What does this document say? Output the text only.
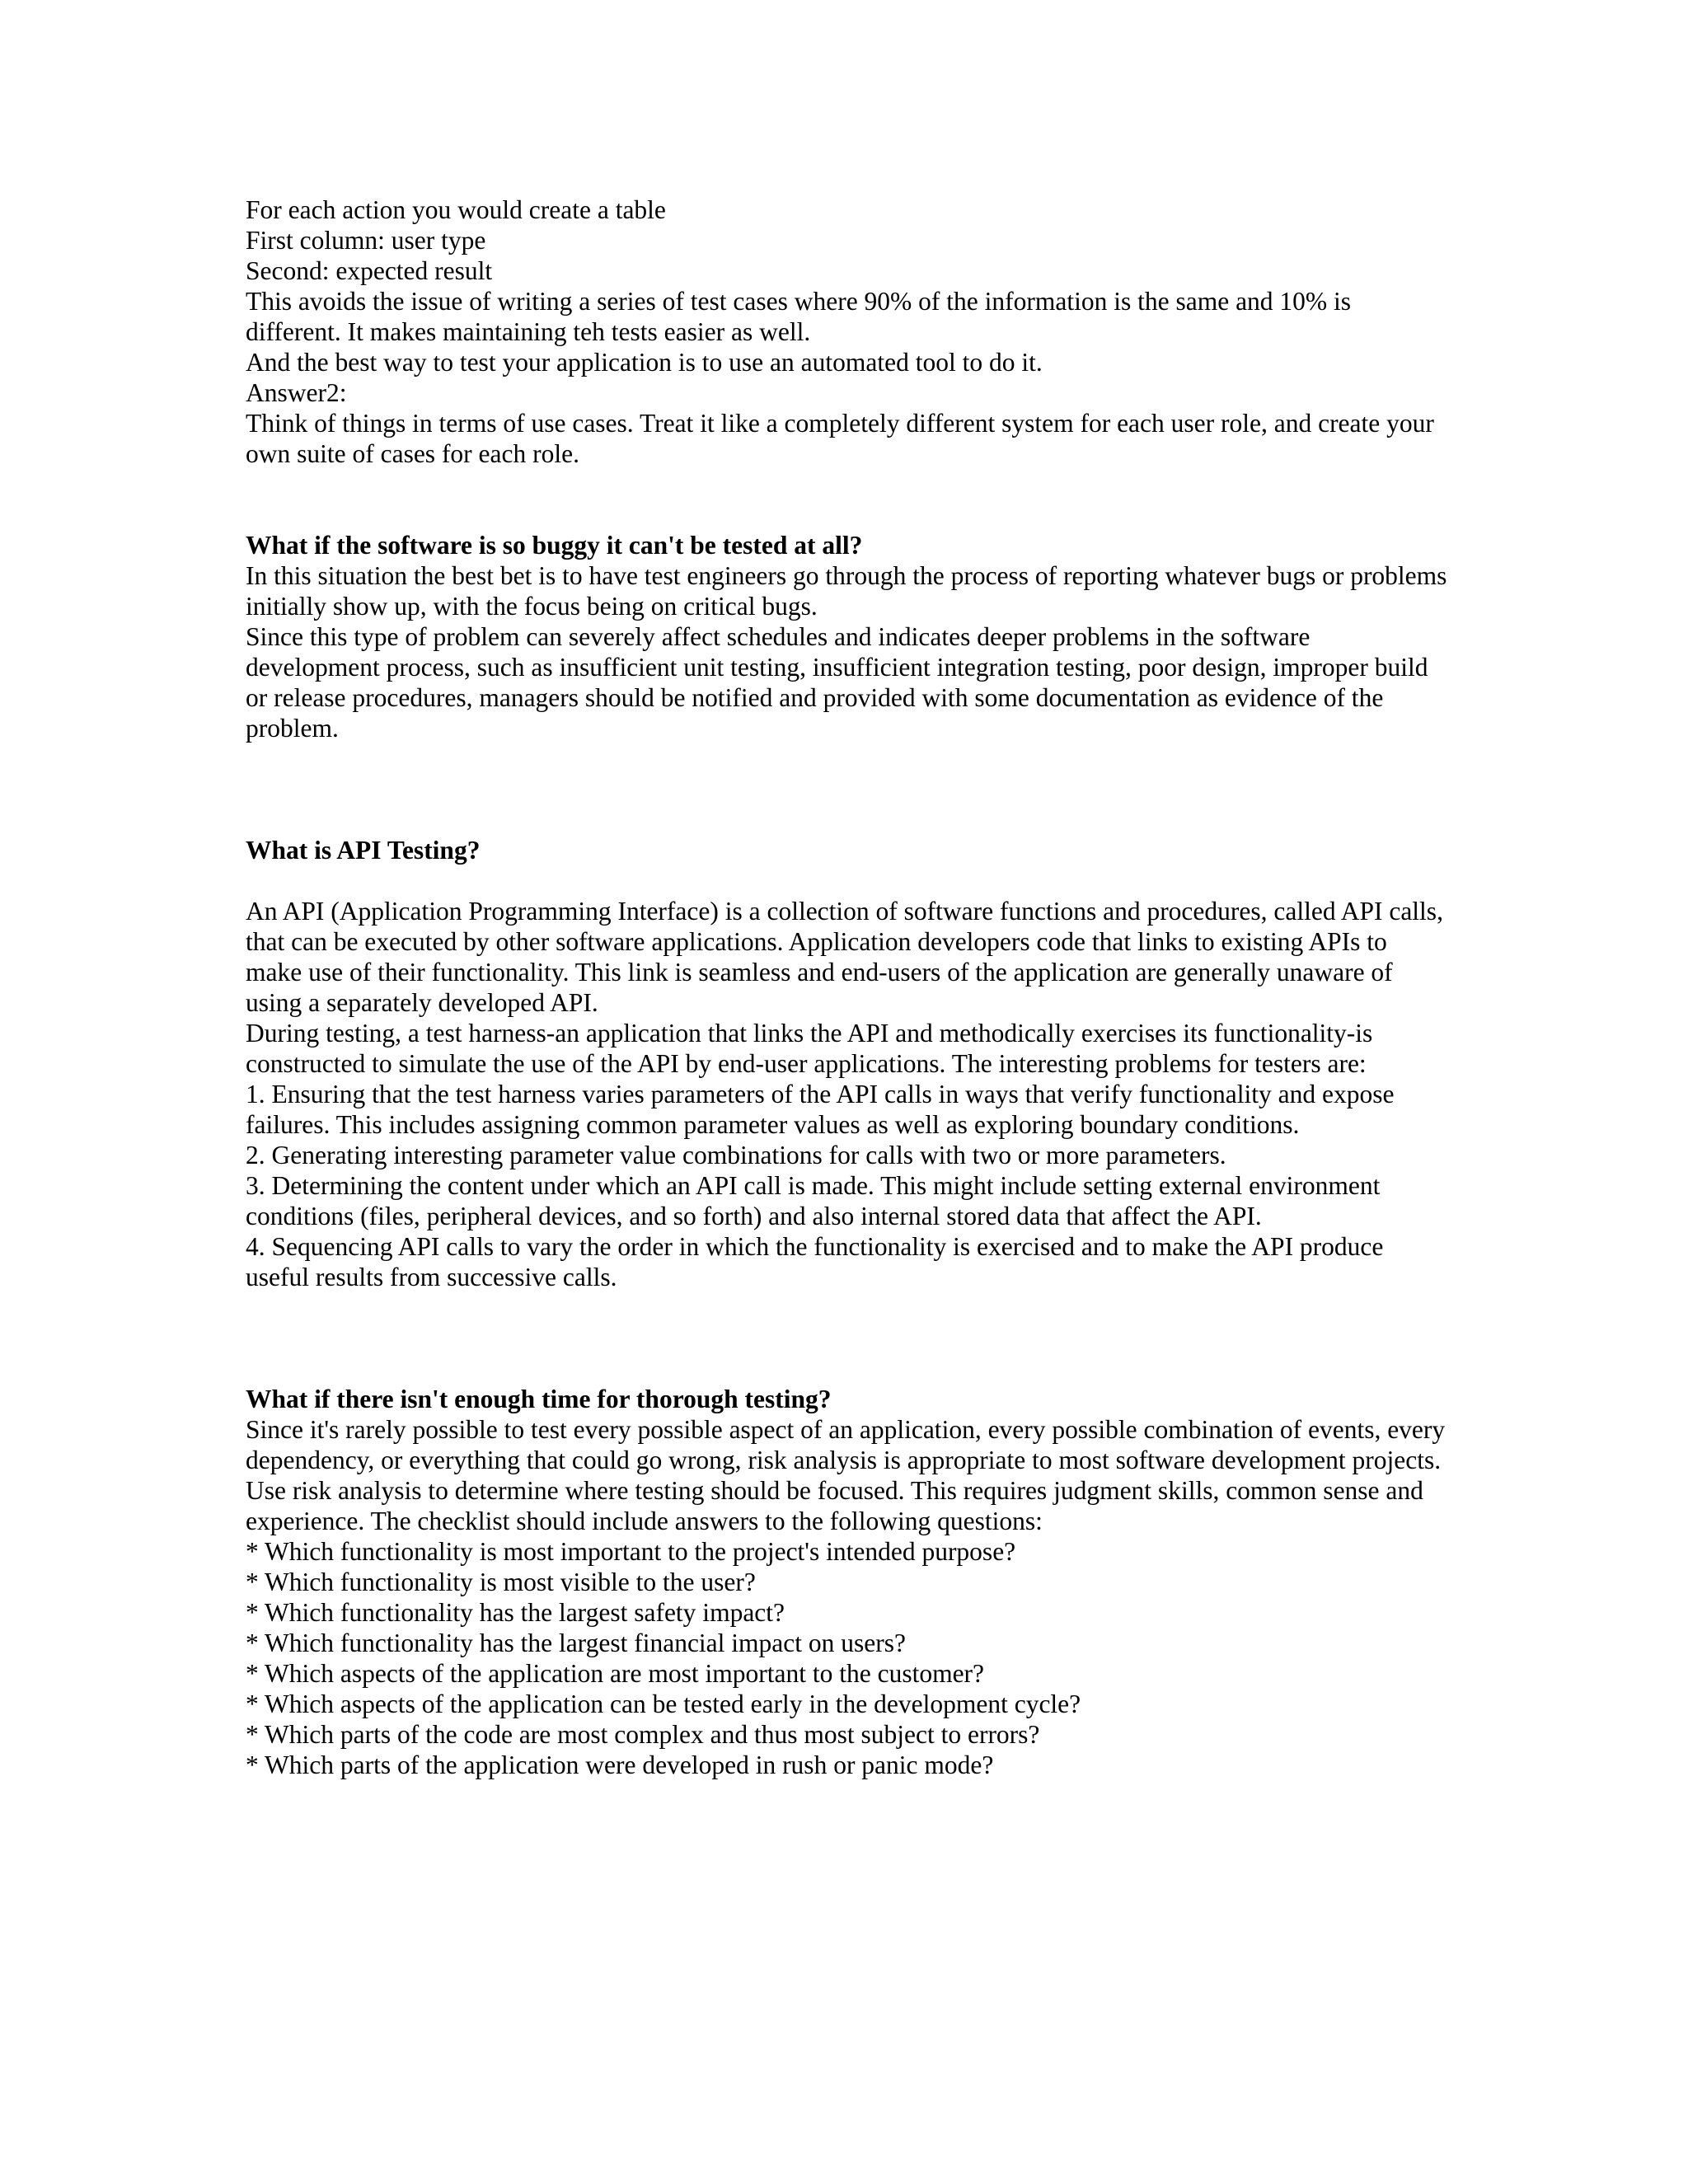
For each action you would create a table

First column: user type

Second: expected result

This avoids the issue of writing a series of test cases where 90% of the information is the same and 10% is different. It makes maintaining teh tests easier as well.

And the best way to test your application is to use an automated tool to do it.

Answer2:

Think of things in terms of use cases. Treat it like a completely different system for each user role, and create your own suite of cases for each role.

What if the software is so buggy it can't be tested at all?

In this situation the best bet is to have test engineers go through the process of reporting whatever bugs or problems initially show up, with the focus being on critical bugs.

Since this type of problem can severely affect schedules and indicates deeper problems in the software development process, such as insufficient unit testing, insufficient integration testing, poor design, improper build or release procedures, managers should be notified and provided with some documentation as evidence of the problem.

What is API Testing?

An API (Application Programming Interface) is a collection of software functions and procedures, called API calls, that can be executed by other software applications. Application developers code that links to existing APIs to make use of their functionality. This link is seamless and end-users of the application are generally unaware of using a separately developed API.

During testing, a test harness-an application that links the API and methodically exercises its functionality-is constructed to simulate the use of the API by end-user applications. The interesting problems for testers are:

1. Ensuring that the test harness varies parameters of the API calls in ways that verify functionality and expose failures. This includes assigning common parameter values as well as exploring boundary conditions.

2. Generating interesting parameter value combinations for calls with two or more parameters.

3. Determining the content under which an API call is made. This might include setting external environment conditions (files, peripheral devices, and so forth) and also internal stored data that affect the API.

4. Sequencing API calls to vary the order in which the functionality is exercised and to make the API produce useful results from successive calls.

What if there isn't enough time for thorough testing?

Since it's rarely possible to test every possible aspect of an application, every possible combination of events, every dependency, or everything that could go wrong, risk analysis is appropriate to most software development projects.

Use risk analysis to determine where testing should be focused. This requires judgment skills, common sense and experience. The checklist should include answers to the following questions:

* Which functionality is most important to the project's intended purpose?

* Which functionality is most visible to the user?

* Which functionality has the largest safety impact?

* Which functionality has the largest financial impact on users?

* Which aspects of the application are most important to the customer?

* Which aspects of the application can be tested early in the development cycle?

* Which parts of the code are most complex and thus most subject to errors?

* Which parts of the application were developed in rush or panic mode?
